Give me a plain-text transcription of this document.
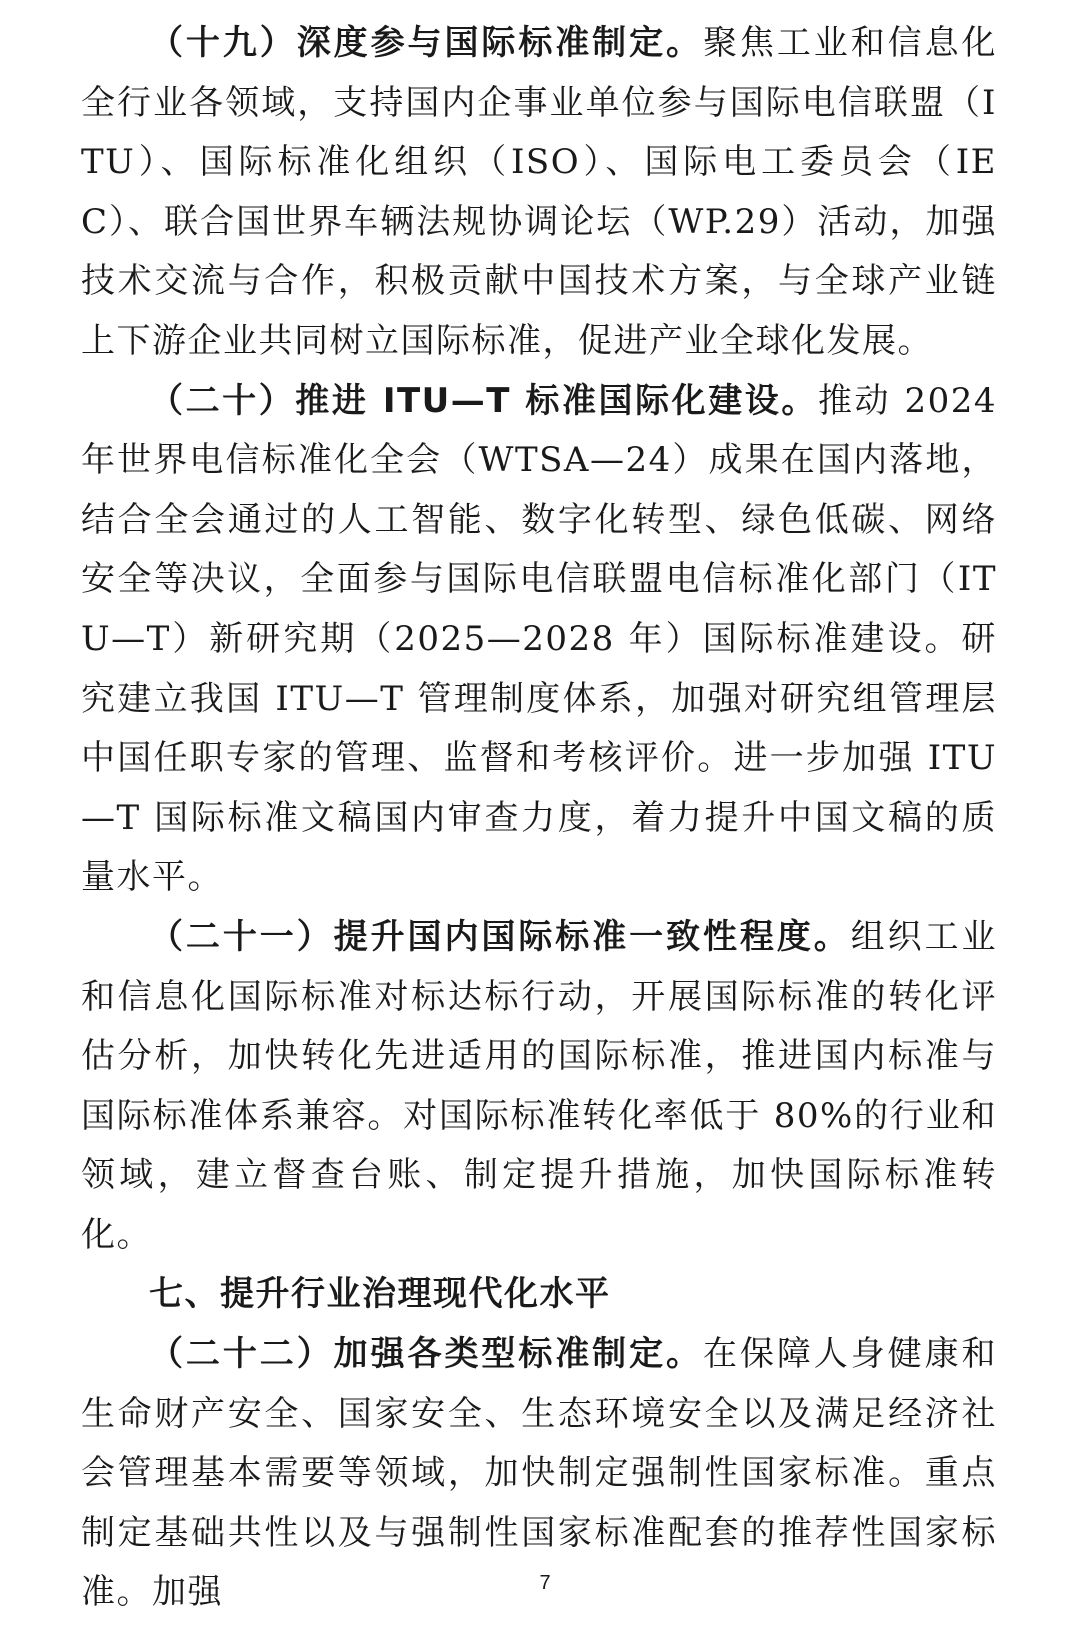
（十九）深度参与国际标准制定。聚焦工业和信息化全行业各领域，支持国内企事业单位参与国际电信联盟（ITU）、国际标准化组织（ISO）、国际电工委员会（IEC）、联合国世界车辆法规协调论坛（WP.29）活动，加强技术交流与合作，积极贡献中国技术方案，与全球产业链上下游企业共同树立国际标准，促进产业全球化发展。

（二十）推进 ITU—T 标准国际化建设。推动 2024 年世界电信标准化全会（WTSA—24）成果在国内落地，结合全会通过的人工智能、数字化转型、绿色低碳、网络安全等决议，全面参与国际电信联盟电信标准化部门（ITU—T）新研究期（2025—2028 年）国际标准建设。研究建立我国 ITU—T 管理制度体系，加强对研究组管理层中国任职专家的管理、监督和考核评价。进一步加强 ITU—T 国际标准文稿国内审查力度，着力提升中国文稿的质量水平。

（二十一）提升国内国际标准一致性程度。组织工业和信息化国际标准对标达标行动，开展国际标准的转化评估分析，加快转化先进适用的国际标准，推进国内标准与国际标准体系兼容。对国际标准转化率低于 80%的行业和领域，建立督查台账、制定提升措施，加快国际标准转化。

七、提升行业治理现代化水平

（二十二）加强各类型标准制定。在保障人身健康和生命财产安全、国家安全、生态环境安全以及满足经济社会管理基本需要等领域，加快制定强制性国家标准。重点制定基础共性以及与强制性国家标准配套的推荐性国家标准。加强	7
